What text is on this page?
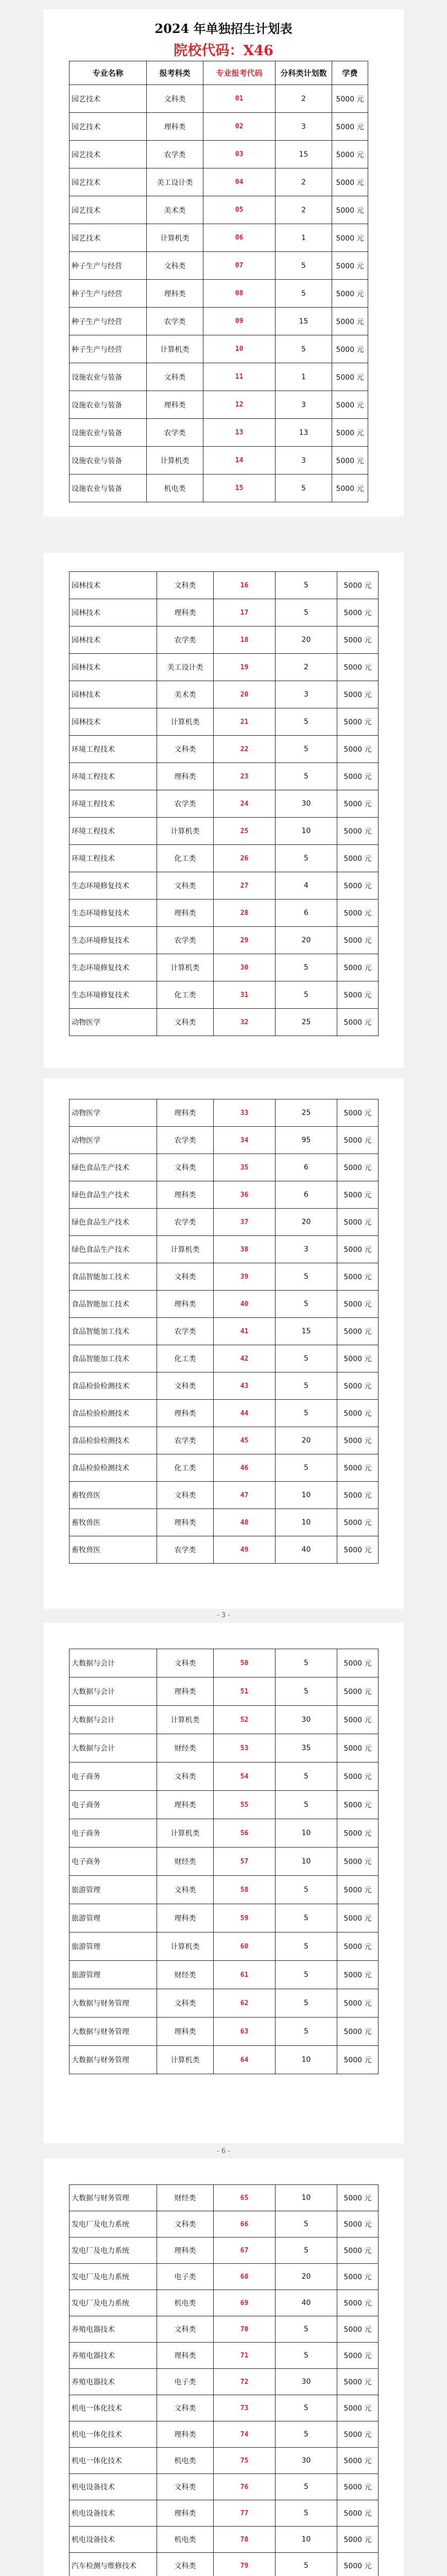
2024 年单独招生计划表
院校代码：X46
专业名称	报考科类	专业报考代码	分科类计划数	学费
园艺技术	文科类	01	2	5000 元
园艺技术	理科类	02	3	5000 元
园艺技术	农学类	03	15	5000 元
园艺技术	美工设计类	04	2	5000 元
园艺技术	美术类	05	2	5000 元
园艺技术	计算机类	06	1	5000 元
种子生产与经营	文科类	07	5	5000 元
种子生产与经营	理科类	08	5	5000 元
种子生产与经营	农学类	09	15	5000 元
种子生产与经营	计算机类	10	5	5000 元
设施农业与装备	文科类	11	1	5000 元
设施农业与装备	理科类	12	3	5000 元
设施农业与装备	农学类	13	13	5000 元
设施农业与装备	计算机类	14	3	5000 元
设施农业与装备	机电类	15	5	5000 元
园林技术	文科类	16	5	5000 元
园林技术	理科类	17	5	5000 元
园林技术	农学类	18	20	5000 元
园林技术	美工设计类	19	2	5000 元
园林技术	美术类	20	3	5000 元
园林技术	计算机类	21	5	5000 元
环境工程技术	文科类	22	5	5000 元
环境工程技术	理科类	23	5	5000 元
环境工程技术	农学类	24	30	5000 元
环境工程技术	计算机类	25	10	5000 元
环境工程技术	化工类	26	5	5000 元
生态环境修复技术	文科类	27	4	5000 元
生态环境修复技术	理科类	28	6	5000 元
生态环境修复技术	农学类	29	20	5000 元
生态环境修复技术	计算机类	30	5	5000 元
生态环境修复技术	化工类	31	5	5000 元
动物医学	文科类	32	25	5000 元
动物医学	理科类	33	25	5000 元
动物医学	农学类	34	95	5000 元
绿色食品生产技术	文科类	35	6	5000 元
绿色食品生产技术	理科类	36	6	5000 元
绿色食品生产技术	农学类	37	20	5000 元
绿色食品生产技术	计算机类	38	3	5000 元
食品智能加工技术	文科类	39	5	5000 元
食品智能加工技术	理科类	40	5	5000 元
食品智能加工技术	农学类	41	15	5000 元
食品智能加工技术	化工类	42	5	5000 元
食品检验检测技术	文科类	43	5	5000 元
食品检验检测技术	理科类	44	5	5000 元
食品检验检测技术	农学类	45	20	5000 元
食品检验检测技术	化工类	46	5	5000 元
畜牧兽医	文科类	47	10	5000 元
畜牧兽医	理科类	48	10	5000 元
畜牧兽医	农学类	49	40	5000 元
- 3 -
大数据与会计	文科类	50	5	5000 元
大数据与会计	理科类	51	5	5000 元
大数据与会计	计算机类	52	30	5000 元
大数据与会计	财经类	53	35	5000 元
电子商务	文科类	54	5	5000 元
电子商务	理科类	55	5	5000 元
电子商务	计算机类	56	10	5000 元
电子商务	财经类	57	10	5000 元
旅游管理	文科类	58	5	5000 元
旅游管理	理科类	59	5	5000 元
旅游管理	计算机类	60	5	5000 元
旅游管理	财经类	61	5	5000 元
大数据与财务管理	文科类	62	5	5000 元
大数据与财务管理	理科类	63	5	5000 元
大数据与财务管理	计算机类	64	10	5000 元
- 6 -
大数据与财务管理	财经类	65	10	5000 元
发电厂及电力系统	文科类	66	5	5000 元
发电厂及电力系统	理科类	67	5	5000 元
发电厂及电力系统	电子类	68	20	5000 元
发电厂及电力系统	机电类	69	40	5000 元
养殖电器技术	文科类	70	5	5000 元
养殖电器技术	理科类	71	5	5000 元
养殖电器技术	电子类	72	30	5000 元
机电一体化技术	文科类	73	5	5000 元
机电一体化技术	理科类	74	5	5000 元
机电一体化技术	机电类	75	30	5000 元
机电设备技术	文科类	76	5	5000 元
机电设备技术	理科类	77	5	5000 元
机电设备技术	机电类	78	10	5000 元
汽车检测与维修技术	文科类	79	5	5000 元
